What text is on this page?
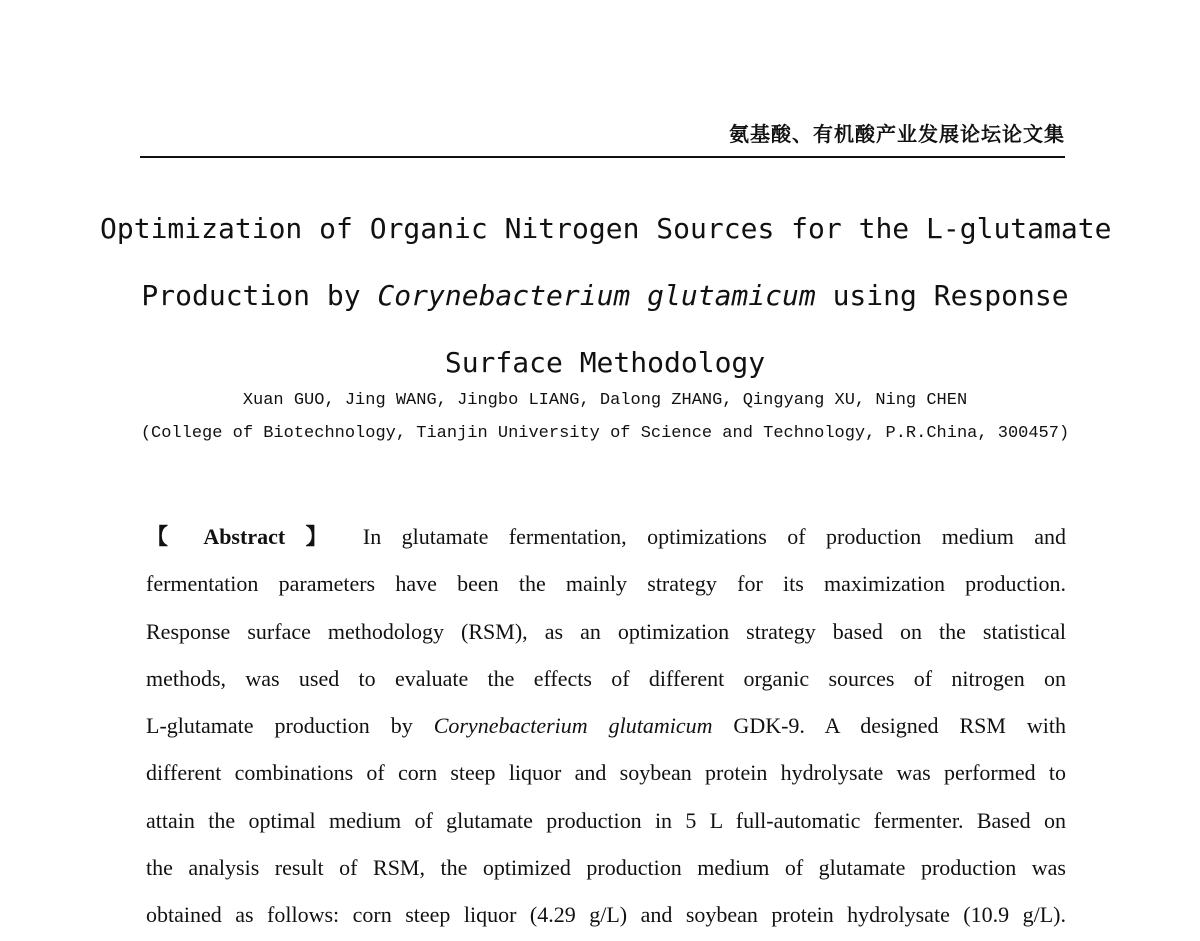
氨基酸、有机酸产业发展论坛论文集
Optimization of Organic Nitrogen Sources for the L-glutamate
Production by Corynebacterium glutamicum using Response
Surface Methodology
Xuan GUO, Jing WANG, Jingbo LIANG, Dalong ZHANG, Qingyang XU, Ning CHEN
(College of Biotechnology, Tianjin University of Science and Technology, P.R.China, 300457)
【 Abstract 】 In glutamate fermentation, optimizations of production medium and
fermentation parameters have been the mainly strategy for its maximization production.
Response surface methodology (RSM), as an optimization strategy based on the statistical
methods, was used to evaluate the effects of different organic sources of nitrogen on
L-glutamate production by Corynebacterium glutamicum GDK-9. A designed RSM with
different combinations of corn steep liquor and soybean protein hydrolysate was performed to
attain the optimal medium of glutamate production in 5 L full-automatic fermenter. Based on
the analysis result of RSM, the optimized production medium of glutamate production was
obtained as follows: corn steep liquor (4.29 g/L) and soybean protein hydrolysate (10.9 g/L).
